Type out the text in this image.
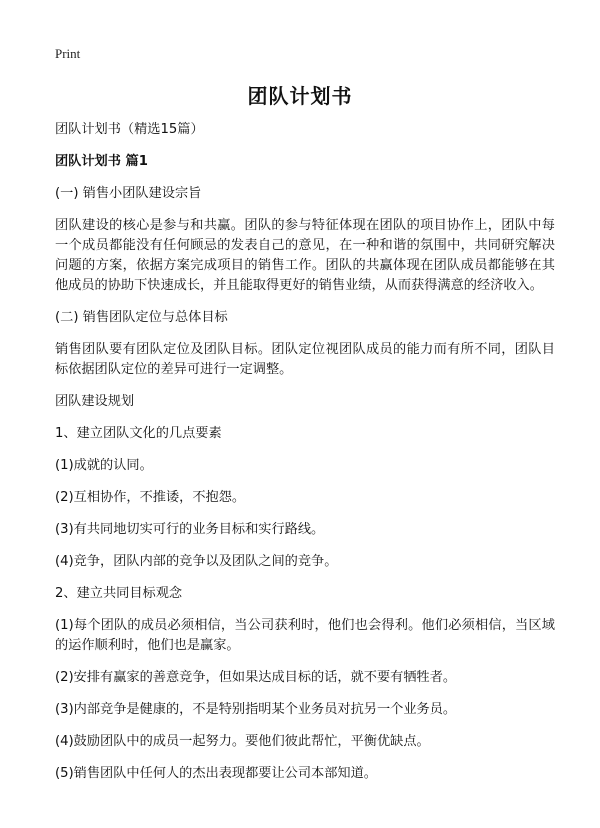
Print
团队计划书

团队计划书（精选15篇）

团队计划书 篇1

(一) 销售小团队建设宗旨

团队建设的核心是参与和共赢。团队的参与特征体现在团队的项目协作上，团队中每一个成员都能没有任何顾忌的发表自己的意见，在一种和谐的氛围中，共同研究解决问题的方案，依据方案完成项目的销售工作。团队的共赢体现在团队成员都能够在其他成员的协助下快速成长，并且能取得更好的销售业绩，从而获得满意的经济收入。

(二) 销售团队定位与总体目标

销售团队要有团队定位及团队目标。团队定位视团队成员的能力而有所不同，团队目标依据团队定位的差异可进行一定调整。

团队建设规划

1、建立团队文化的几点要素

(1)成就的认同。

(2)互相协作，不推诿，不抱怨。

(3)有共同地切实可行的业务目标和实行路线。

(4)竞争，团队内部的竞争以及团队之间的竞争。

2、建立共同目标观念

(1)每个团队的成员必须相信，当公司获利时，他们也会得利。他们必须相信，当区域的运作顺利时，他们也是赢家。

(2)安排有赢家的善意竞争，但如果达成目标的话，就不要有牺牲者。

(3)内部竞争是健康的，不是特别指明某个业务员对抗另一个业务员。

(4)鼓励团队中的成员一起努力。要他们彼此帮忙，平衡优缺点。

(5)销售团队中任何人的杰出表现都要让公司本部知道。
